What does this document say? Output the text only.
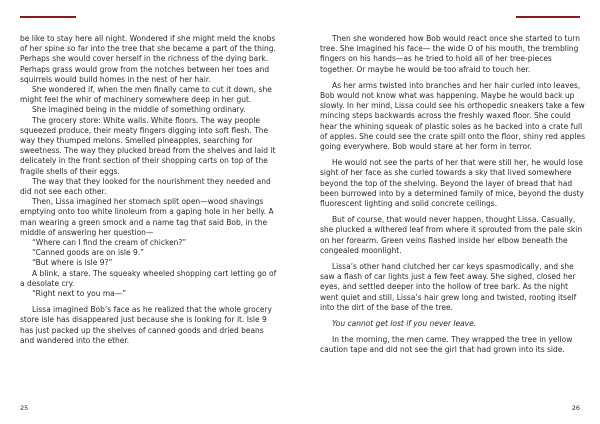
be like to stay here all night. Wondered if she might meld the knobs of her spine so far into the tree that she became a part of the thing. Perhaps she would cover herself in the richness of the dying bark. Perhaps grass would grow from the notches between her toes and squirrels would build homes in the nest of her hair.

She wondered if, when the men finally came to cut it down, she might feel the whir of machinery somewhere deep in her gut.

She imagined being in the middle of something ordinary.

The grocery store: White walls. White floors. The way people squeezed produce, their meaty fingers digging into soft flesh. The way they thumped melons. Smelled pineapples, searching for sweetness. The way they plucked bread from the shelves and laid it delicately in the front section of their shopping carts on top of the fragile shells of their eggs.

The way that they looked for the nourishment they needed and did not see each other.

Then, Lissa imagined her stomach split open—wood shavings emptying onto too white linoleum from a gaping hole in her belly. A man wearing a green smock and a name tag that said Bob, in the middle of answering her question—

“Where can I find the cream of chicken?”

“Canned goods are on isle 9.”

“But where is isle 9?”

A blink, a stare. The squeaky wheeled shopping cart letting go of a desolate cry.

“Right next to you ma—”

Lissa imagined Bob’s face as he realized that the whole grocery store isle has disappeared just because she is looking for it. Isle 9 has just packed up the shelves of canned goods and dried beans and wandered into the ether.

25

Then she wondered how Bob would react once she started to turn tree. She imagined his face— the wide O of his mouth, the trembling fingers on his hands—as he tried to hold all of her tree-pieces together. Or maybe he would be too afraid to touch her.

As her arms twisted into branches and her hair curled into leaves, Bob would not know what was happening. Maybe he would back up slowly. In her mind, Lissa could see his orthopedic sneakers take a few mincing steps backwards across the freshly waxed floor. She could hear the whining squeak of plastic soles as he backed into a crate full of apples. She could see the crate spill onto the floor, shiny red apples going everywhere. Bob would stare at her form in terror.

He would not see the parts of her that were still her, he would lose sight of her face as she curled towards a sky that lived somewhere beyond the top of the shelving. Beyond the layer of bread that had been burrowed into by a determined family of mice, beyond the dusty fluorescent lighting and solid concrete ceilings.

But of course, that would never happen, thought Lissa. Casually, she plucked a withered leaf from where it sprouted from the pale skin on her forearm. Green veins flashed inside her elbow beneath the congealed moonlight.

Lissa’s other hand clutched her car keys spasmodically, and she saw a flash of car lights just a few feet away. She sighed, closed her eyes, and settled deeper into the hollow of tree bark. As the night went quiet and still, Lissa’s hair grew long and twisted, rooting itself into the dirt of the base of the tree.

You cannot get lost if you never leave.

In the morning, the men came. They wrapped the tree in yellow caution tape and did not see the girl that had grown into its side.

26
